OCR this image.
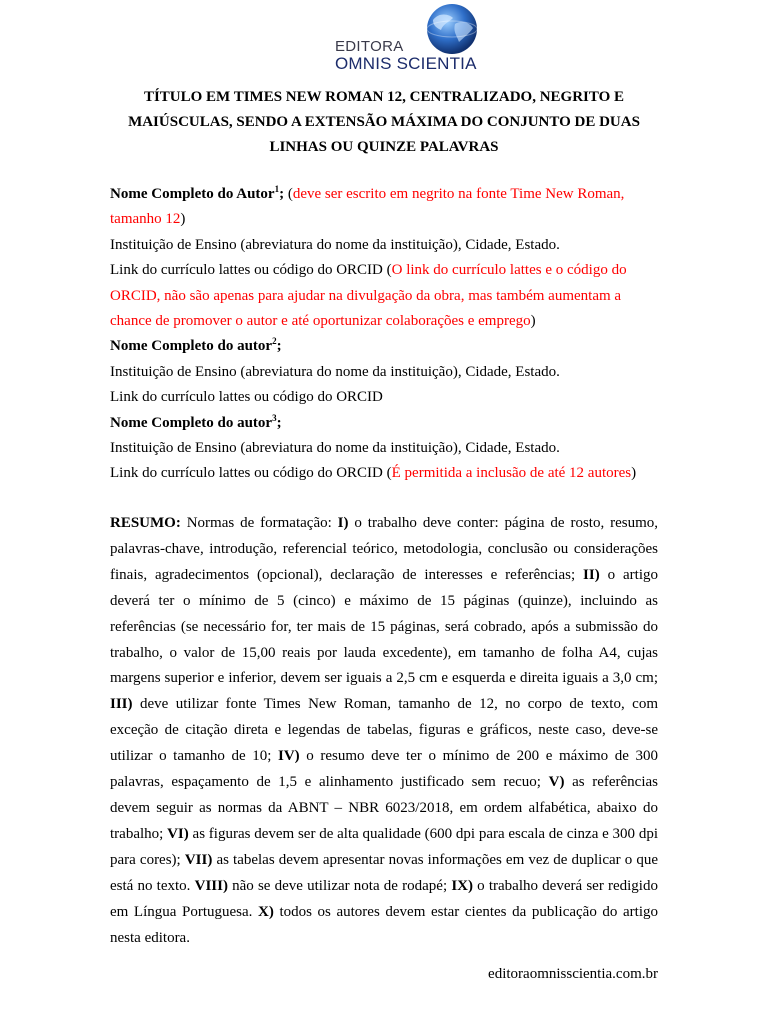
EDITORA
OMNIS SCIENTIA
TÍTULO EM TIMES NEW ROMAN 12, CENTRALIZADO, NEGRITO E MAIÚSCULAS, SENDO A EXTENSÃO MÁXIMA DO CONJUNTO DE DUAS LINHAS OU QUINZE PALAVRAS

Nome Completo do Autor$^1$; (deve ser escrito em negrito na fonte Time New Roman, tamanho 12)

Instituição de Ensino (abreviatura do nome da instituição), Cidade, Estado.

Link do currículo lattes ou código do ORCID (O link do currículo lattes e o código do ORCID, não são apenas para ajudar na divulgação da obra, mas também aumentam a chance de promover o autor e até oportunizar colaborações e emprego)

Nome Completo do autor$^2$;

Instituição de Ensino (abreviatura do nome da instituição), Cidade, Estado.

Link do currículo lattes ou código do ORCID

Nome Completo do autor$^3$;

Instituição de Ensino (abreviatura do nome da instituição), Cidade, Estado.

Link do currículo lattes ou código do ORCID (É permitida a inclusão de até 12 autores)

RESUMO: Normas de formatação: I) o trabalho deve conter: página de rosto, resumo, palavras-chave, introdução, referencial teórico, metodologia, conclusão ou considerações finais, agradecimentos (opcional), declaração de interesses e referências; II) o artigo deverá ter o mínimo de 5 (cinco) e máximo de 15 páginas (quinze), incluindo as referências (se necessário for, ter mais de 15 páginas, será cobrado, após a submissão do trabalho, o valor de 15,00 reais por lauda excedente), em tamanho de folha A4, cujas margens superior e inferior, devem ser iguais a 2,5 cm e esquerda e direita iguais a 3,0 cm; III) deve utilizar fonte Times New Roman, tamanho de 12, no corpo de texto, com exceção de citação direta e legendas de tabelas, figuras e gráficos, neste caso, deve-se utilizar o tamanho de 10; IV) o resumo deve ter o mínimo de 200 e máximo de 300 palavras, espaçamento de 1,5 e alinhamento justificado sem recuo; V) as referências devem seguir as normas da ABNT – NBR 6023/2018, em ordem alfabética, abaixo do trabalho; VI) as figuras devem ser de alta qualidade (600 dpi para escala de cinza e 300 dpi para cores); VII) as tabelas devem apresentar novas informações em vez de duplicar o que está no texto. VIII) não se deve utilizar nota de rodapé; IX) o trabalho deverá ser redigido em Língua Portuguesa. X) todos os autores devem estar cientes da publicação do artigo nesta editora.

editoraomnisscientia.com.br
